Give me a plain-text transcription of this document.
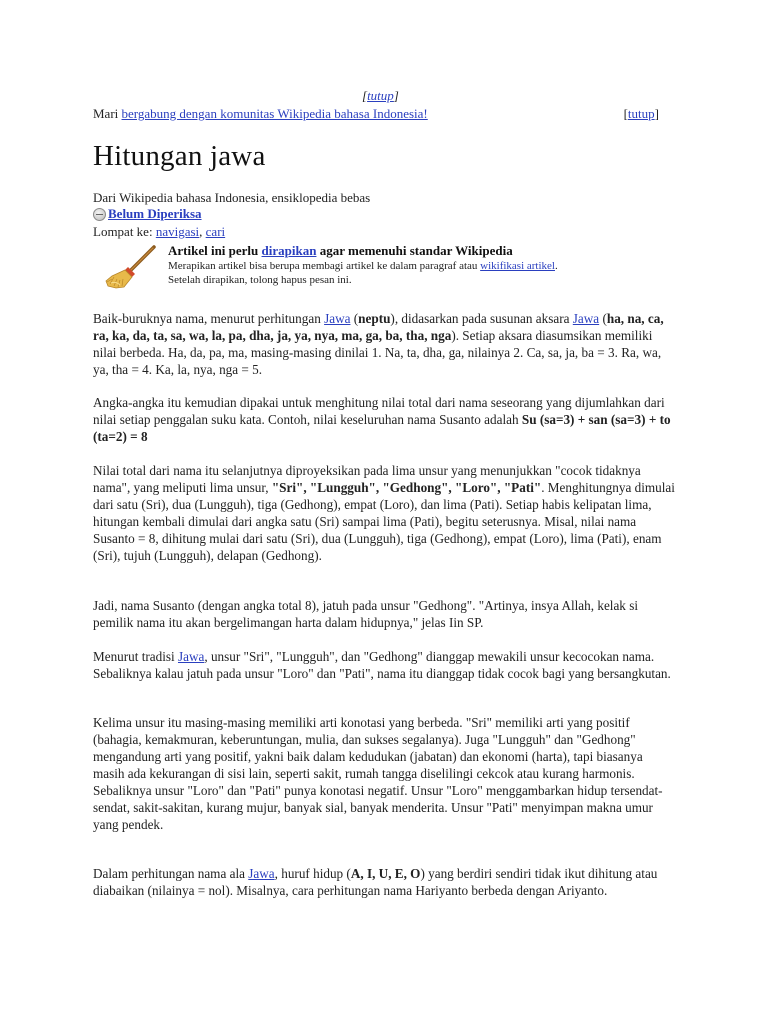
[tutup]
Mari bergabung dengan komunitas Wikipedia bahasa Indonesia!	[tutup]
Hitungan jawa
Dari Wikipedia bahasa Indonesia, ensiklopedia bebas
Belum Diperiksa
Lompat ke: navigasi, cari
Artikel ini perlu dirapikan agar memenuhi standar Wikipedia
Merapikan artikel bisa berupa membagi artikel ke dalam paragraf atau wikifikasi artikel.
Setelah dirapikan, tolong hapus pesan ini.

Baik-buruknya nama, menurut perhitungan Jawa (neptu), didasarkan pada susunan aksara Jawa (ha, na, ca, ra, ka, da, ta, sa, wa, la, pa, dha, ja, ya, nya, ma, ga, ba, tha, nga). Setiap aksara diasumsikan memiliki nilai berbeda. Ha, da, pa, ma, masing-masing dinilai 1. Na, ta, dha, ga, nilainya 2. Ca, sa, ja, ba = 3. Ra, wa, ya, tha = 4. Ka, la, nya, nga = 5.

Angka-angka itu kemudian dipakai untuk menghitung nilai total dari nama seseorang yang dijumlahkan dari nilai setiap penggalan suku kata. Contoh, nilai keseluruhan nama Susanto adalah Su (sa=3) + san (sa=3) + to (ta=2) = 8

Nilai total dari nama itu selanjutnya diproyeksikan pada lima unsur yang menunjukkan "cocok tidaknya nama", yang meliputi lima unsur, "Sri", "Lungguh", "Gedhong", "Loro", "Pati". Menghitungnya dimulai dari satu (Sri), dua (Lungguh), tiga (Gedhong), empat (Loro), dan lima (Pati). Setiap habis kelipatan lima, hitungan kembali dimulai dari angka satu (Sri) sampai lima (Pati), begitu seterusnya. Misal, nilai nama Susanto = 8, dihitung mulai dari satu (Sri), dua (Lungguh), tiga (Gedhong), empat (Loro), lima (Pati), enam (Sri), tujuh (Lungguh), delapan (Gedhong).

Jadi, nama Susanto (dengan angka total 8), jatuh pada unsur "Gedhong". "Artinya, insya Allah, kelak si pemilik nama itu akan bergelimangan harta dalam hidupnya," jelas Iin SP.

Menurut tradisi Jawa, unsur "Sri", "Lungguh", dan "Gedhong" dianggap mewakili unsur kecocokan nama. Sebaliknya kalau jatuh pada unsur "Loro" dan "Pati", nama itu dianggap tidak cocok bagi yang bersangkutan.

Kelima unsur itu masing-masing memiliki arti konotasi yang berbeda. "Sri" memiliki arti yang positif (bahagia, kemakmuran, keberuntungan, mulia, dan sukses segalanya). Juga "Lungguh" dan "Gedhong" mengandung arti yang positif, yakni baik dalam kedudukan (jabatan) dan ekonomi (harta), tapi biasanya masih ada kekurangan di sisi lain, seperti sakit, rumah tangga diselilingi cekcok atau kurang harmonis. Sebaliknya unsur "Loro" dan "Pati" punya konotasi negatif. Unsur "Loro" menggambarkan hidup tersendat-sendat, sakit-sakitan, kurang mujur, banyak sial, banyak menderita. Unsur "Pati" menyimpan makna umur yang pendek.

Dalam perhitungan nama ala Jawa, huruf hidup (A, I, U, E, O) yang berdiri sendiri tidak ikut dihitung atau diabaikan (nilainya = nol). Misalnya, cara perhitungan nama Hariyanto berbeda dengan Ariyanto.
